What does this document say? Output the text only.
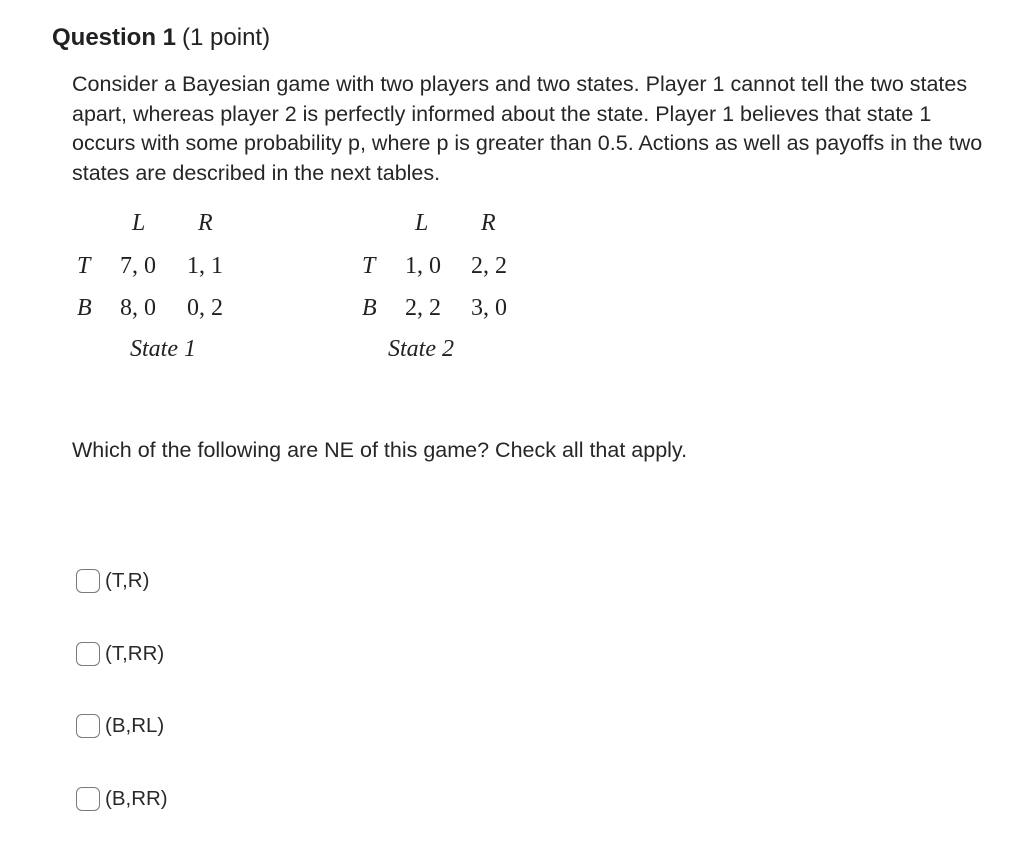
Question 1 (1 point)
Consider a Bayesian game with two players and two states. Player 1 cannot tell the two states apart, whereas player 2 is perfectly informed about the state. Player 1 believes that state 1 occurs with some probability p, where p is greater than 0.5. Actions as well as payoffs in the two states are described in the next tables.
L R
T 7, 0 1, 1
B 8, 0 0, 2
State 1
L R
T 1, 0 2, 2
B 2, 2 3, 0
State 2
Which of the following are NE of this game? Check all that apply.
(T,R)
(T,RR)
(B,RL)
(B,RR)
